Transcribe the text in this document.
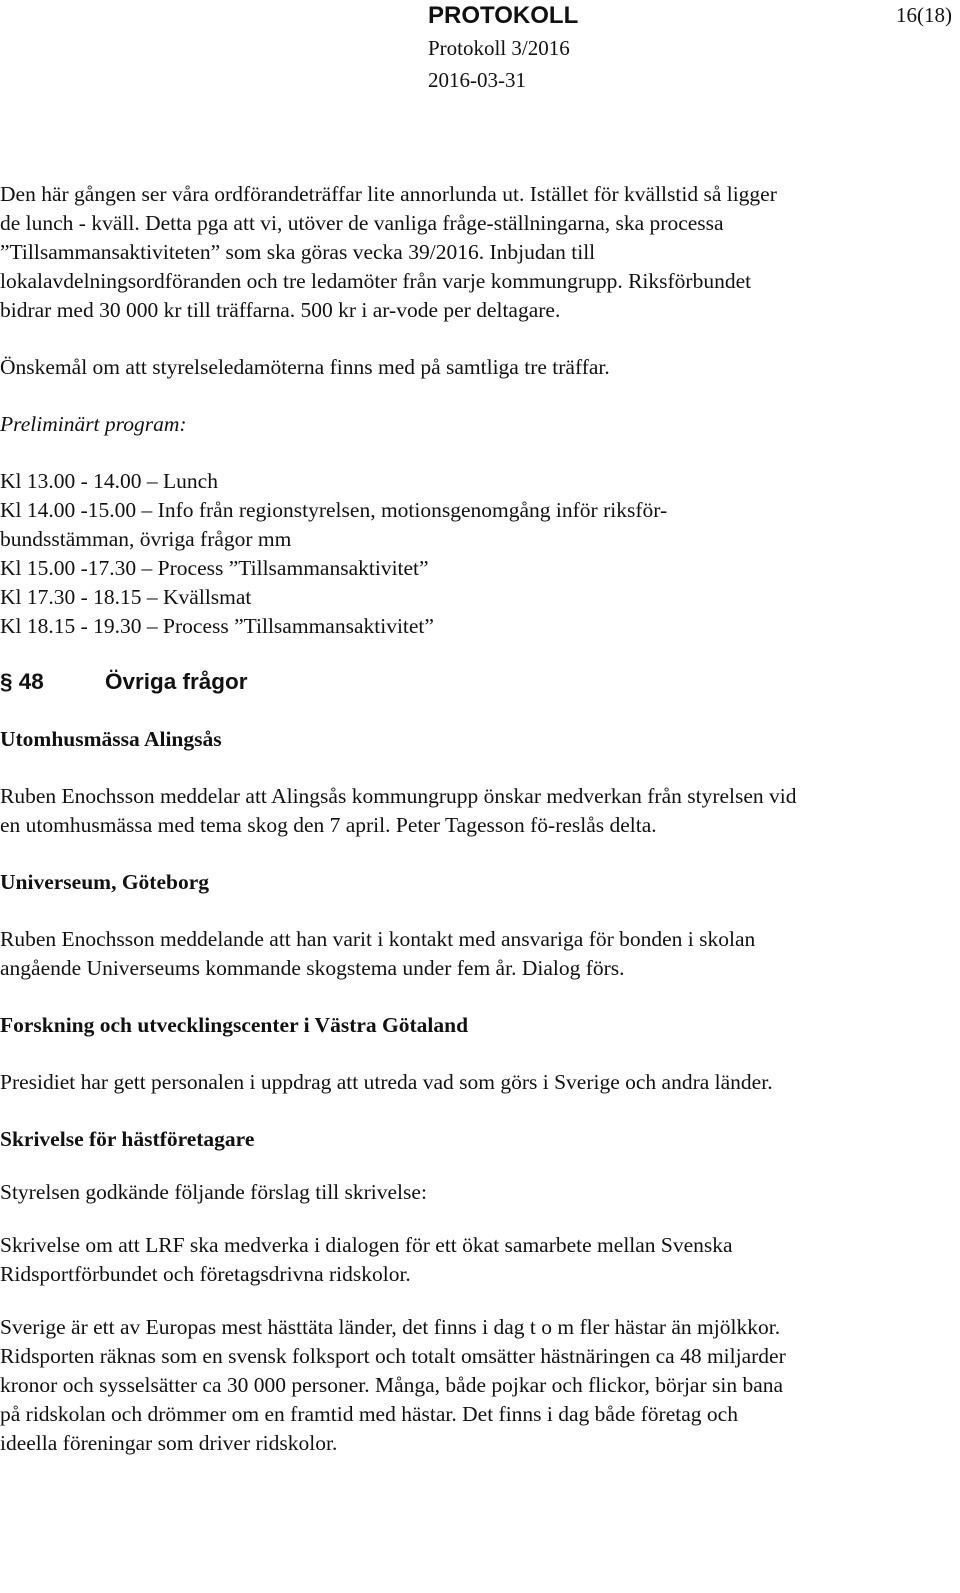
PROTOKOLL
Protokoll 3/2016
2016-03-31
16(18)

Den här gången ser våra ordförandeträffar lite annorlunda ut. Istället för kvällstid så ligger de lunch - kväll. Detta pga att vi, utöver de vanliga fråge-ställningarna, ska processa ”Tillsammansaktiviteten” som ska göras vecka 39/2016. Inbjudan till lokalavdelningsordföranden och tre ledamöter från varje kommungrupp. Riksförbundet bidrar med 30 000 kr till träffarna. 500 kr i ar-vode per deltagare.

Önskemål om att styrelseledamöterna finns med på samtliga tre träffar.

Preliminärt program:

Kl 13.00 - 14.00 – Lunch

Kl 14.00 -15.00 – Info från regionstyrelsen, motionsgenomgång inför riksför-bundsstämman, övriga frågor mm

Kl 15.00 -17.30 – Process ”Tillsammansaktivitet”

Kl 17.30 - 18.15 – Kvällsmat

Kl 18.15 - 19.30 – Process ”Tillsammansaktivitet”

§ 48	Övriga frågor

Utomhusmässa Alingsås

Ruben Enochsson meddelar att Alingsås kommungrupp önskar medverkan från styrelsen vid en utomhusmässa med tema skog den 7 april. Peter Tagesson fö-reslås delta.

Universeum, Göteborg

Ruben Enochsson meddelande att han varit i kontakt med ansvariga för bonden i skolan angående Universeums kommande skogstema under fem år. Dialog förs.

Forskning och utvecklingscenter i Västra Götaland

Presidiet har gett personalen i uppdrag att utreda vad som görs i Sverige och andra länder.

Skrivelse för hästföretagare

Styrelsen godkände följande förslag till skrivelse:

Skrivelse om att LRF ska medverka i dialogen för ett ökat samarbete mellan Svenska Ridsportförbundet och företagsdrivna ridskolor.

Sverige är ett av Europas mest hästtäta länder, det finns i dag t o m fler hästar än mjölkkor. Ridsporten räknas som en svensk folksport och totalt omsätter hästnäringen ca 48 miljarder kronor och sysselsätter ca 30 000 personer. Många, både pojkar och flickor, börjar sin bana på ridskolan och drömmer om en framtid med hästar. Det finns i dag både företag och ideella föreningar som driver ridskolor.
